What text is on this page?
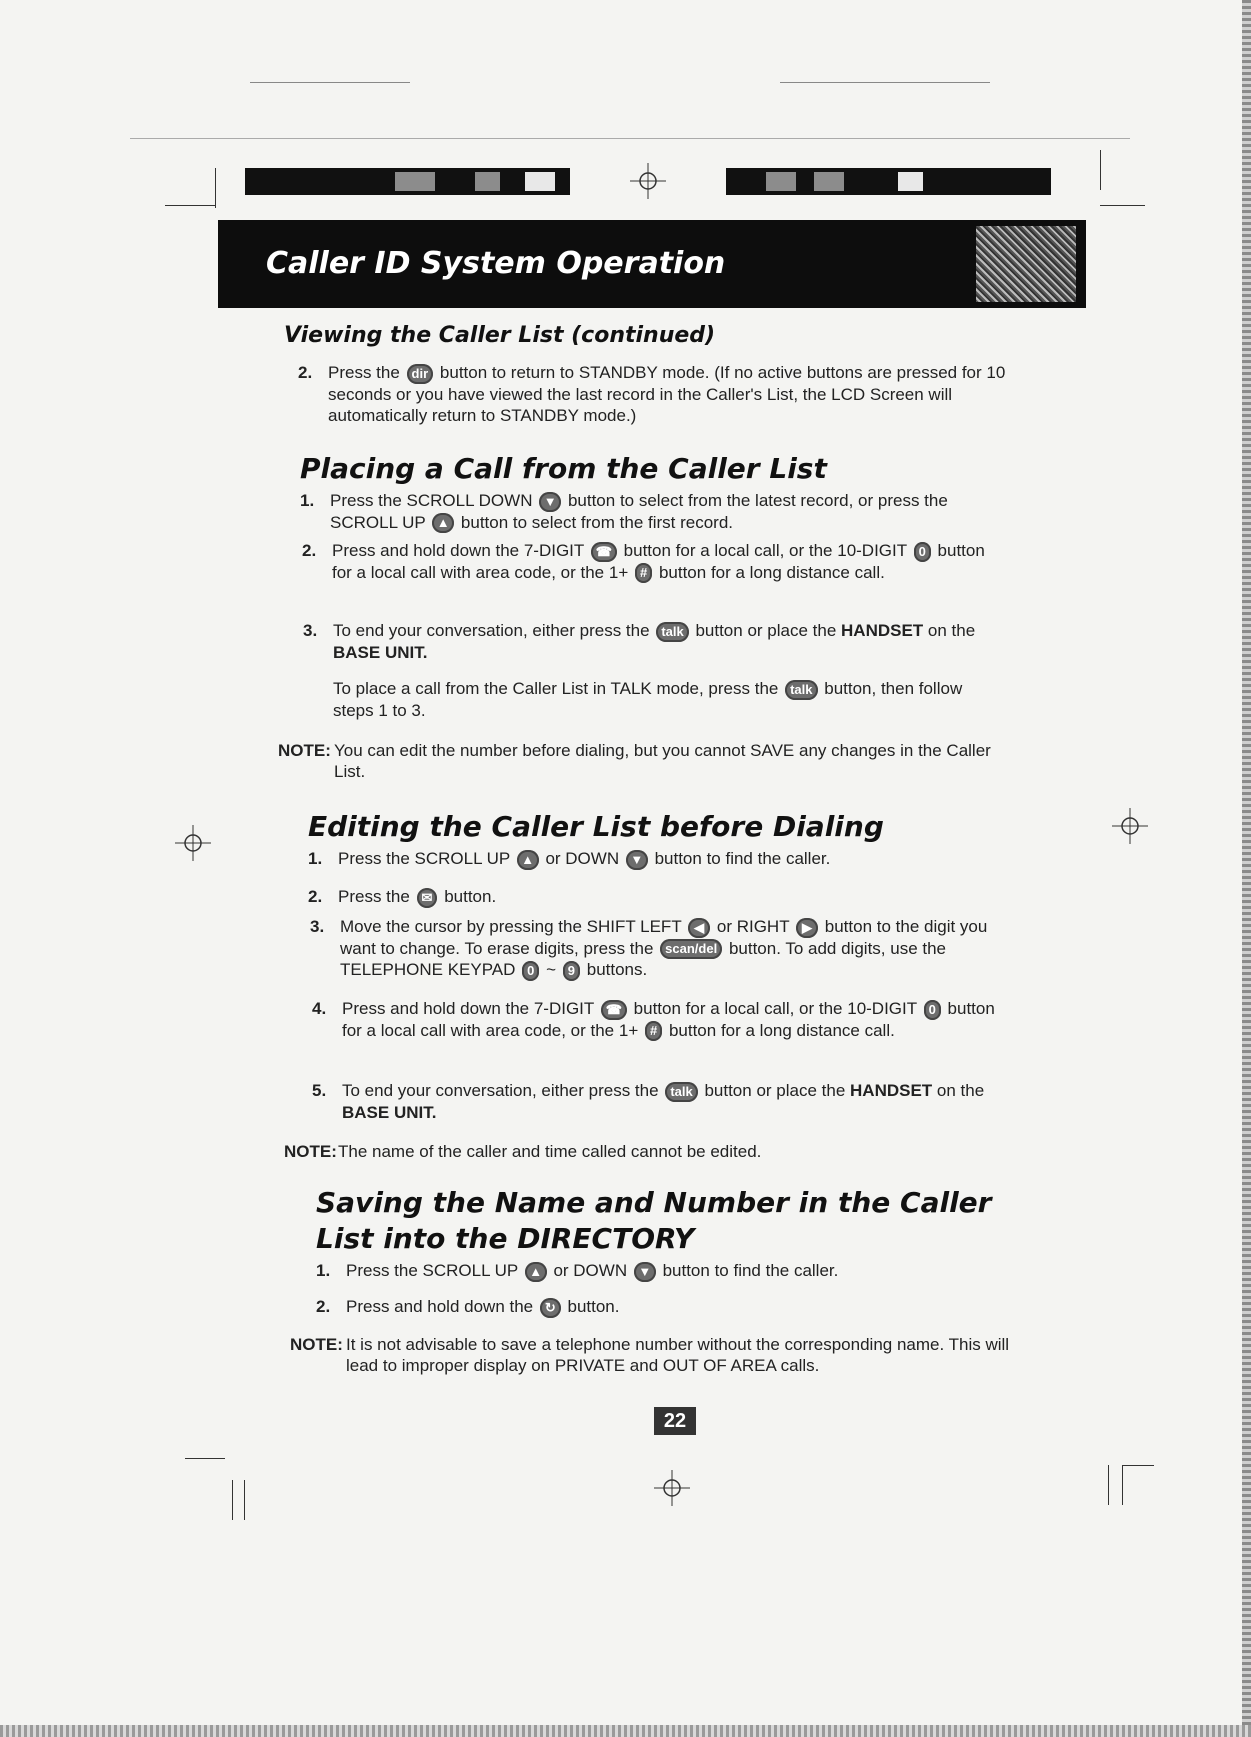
Caller ID System Operation
Viewing the Caller List (continued)
2. Press the dir button to return to STANDBY mode. (If no active buttons are pressed for 10 seconds or you have viewed the last record in the Caller's List, the LCD Screen will automatically return to STANDBY mode.)
Placing a Call from the Caller List
1. Press the SCROLL DOWN ▼ button to select from the latest record, or press the SCROLL UP ▲ button to select from the first record.
2. Press and hold down the 7-DIGIT ☎ button for a local call, or the 10-DIGIT 0 button for a local call with area code, or the 1+ # button for a long distance call.
3. To end your conversation, either press the talk button or place the HANDSET on the BASE UNIT.
To place a call from the Caller List in TALK mode, press the talk button, then follow steps 1 to 3.
NOTE: You can edit the number before dialing, but you cannot SAVE any changes in the Caller List.
Editing the Caller List before Dialing
1. Press the SCROLL UP ▲ or DOWN ▼ button to find the caller.
2. Press the ✉ button.
3. Move the cursor by pressing the SHIFT LEFT ◀ or RIGHT ▶ button to the digit you want to change. To erase digits, press the scan/del button. To add digits, use the TELEPHONE KEYPAD 0 ~ 9 buttons.
4. Press and hold down the 7-DIGIT ☎ button for a local call, or the 10-DIGIT 0 button for a local call with area code, or the 1+ # button for a long distance call.
5. To end your conversation, either press the talk button or place the HANDSET on the BASE UNIT.
NOTE: The name of the caller and time called cannot be edited.
Saving the Name and Number in the Caller
List into the DIRECTORY
1. Press the SCROLL UP ▲ or DOWN ▼ button to find the caller.
2. Press and hold down the ↻ button.
NOTE: It is not advisable to save a telephone number without the corresponding name. This will lead to improper display on PRIVATE and OUT OF AREA calls.
22
